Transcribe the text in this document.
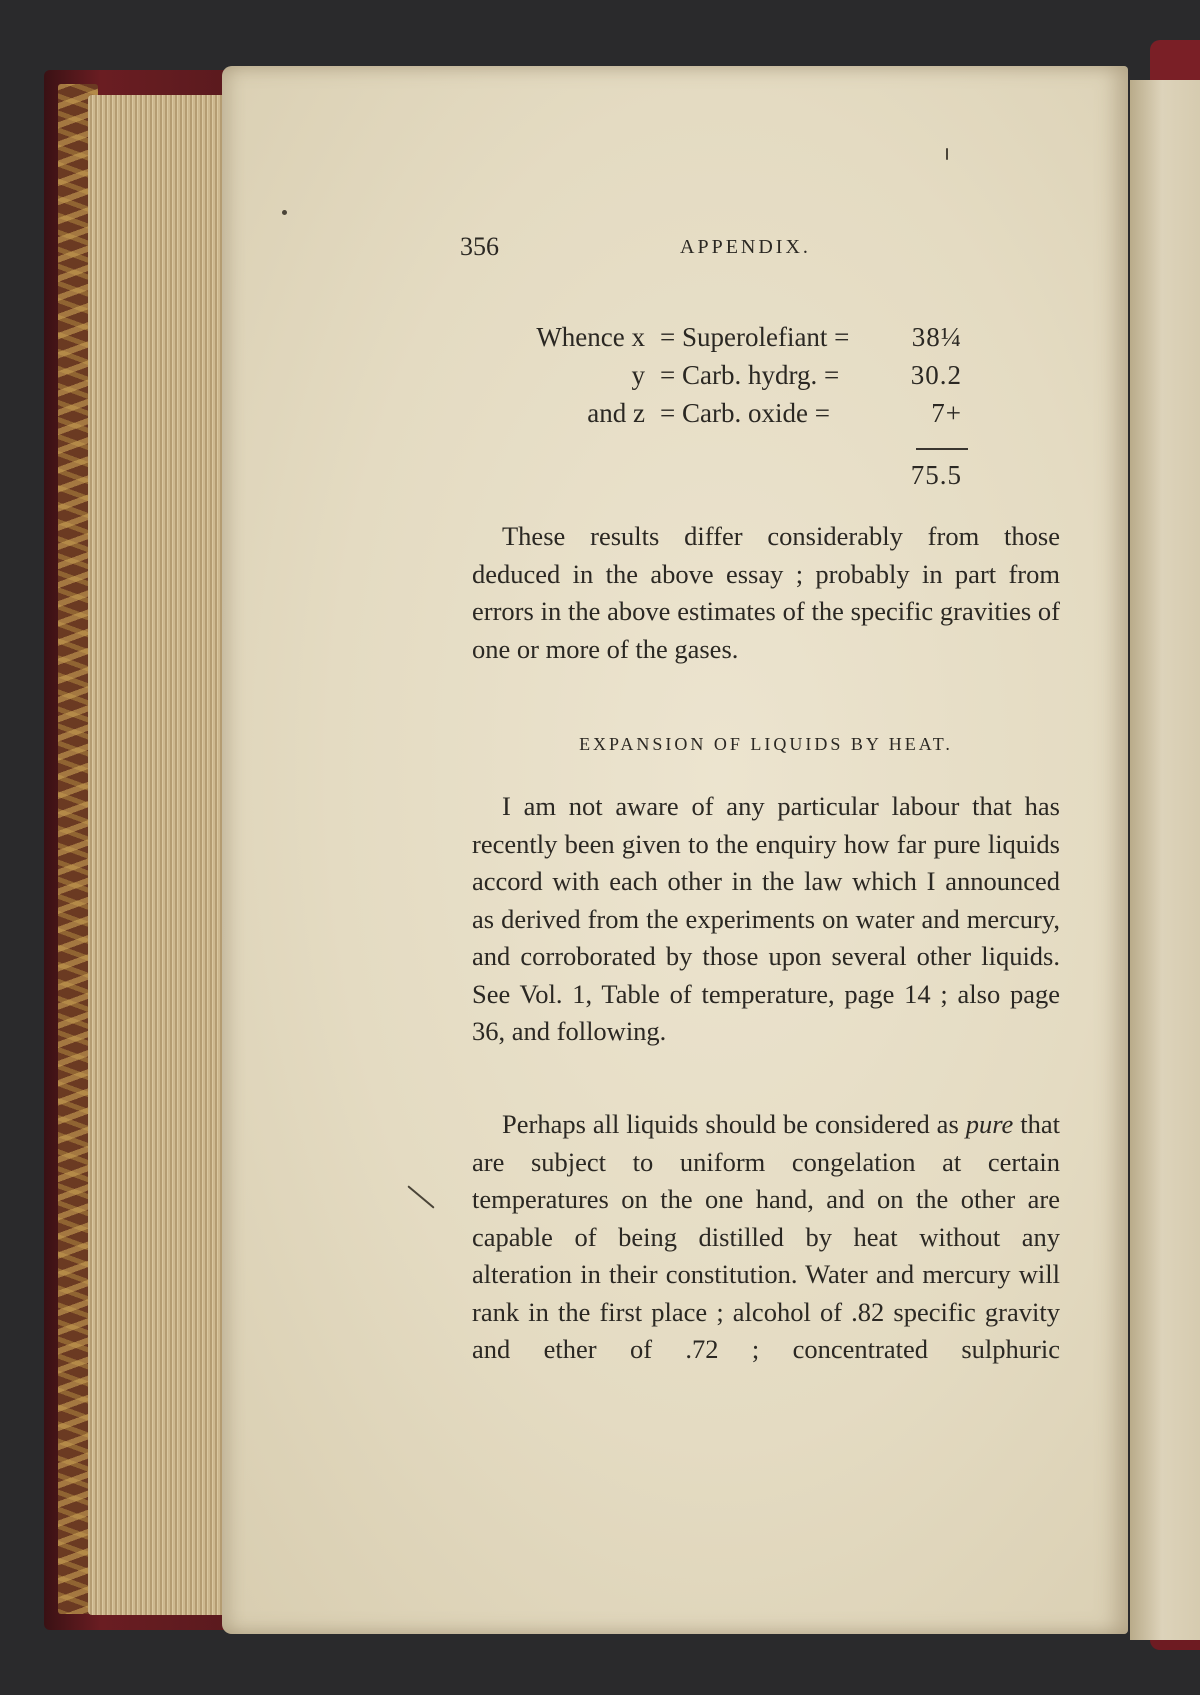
356	APPENDIX.
Whence x = Superolefiant = 38¼
y = Carb. hydrg. =	30.2
and z = Carb. oxide =	7+
75.5

These results differ considerably from those deduced in the above essay ; probably in part from errors in the above estimates of the specific gravities of one or more of the gases.

EXPANSION OF LIQUIDS BY HEAT.

I am not aware of any particular labour that has recently been given to the enquiry how far pure liquids accord with each other in the law which I announced as derived from the experiments on water and mercury, and corroborated by those upon several other liquids. See Vol. 1, Table of temperature, page 14 ; also page 36, and following.

Perhaps all liquids should be considered as pure that are subject to uniform congelation at certain temperatures on the one hand, and on the other are capable of being distilled by heat without any alteration in their constitution. Water and mercury will rank in the first place ; alcohol of .82 specific gravity and ether of .72 ; concentrated sulphuric
